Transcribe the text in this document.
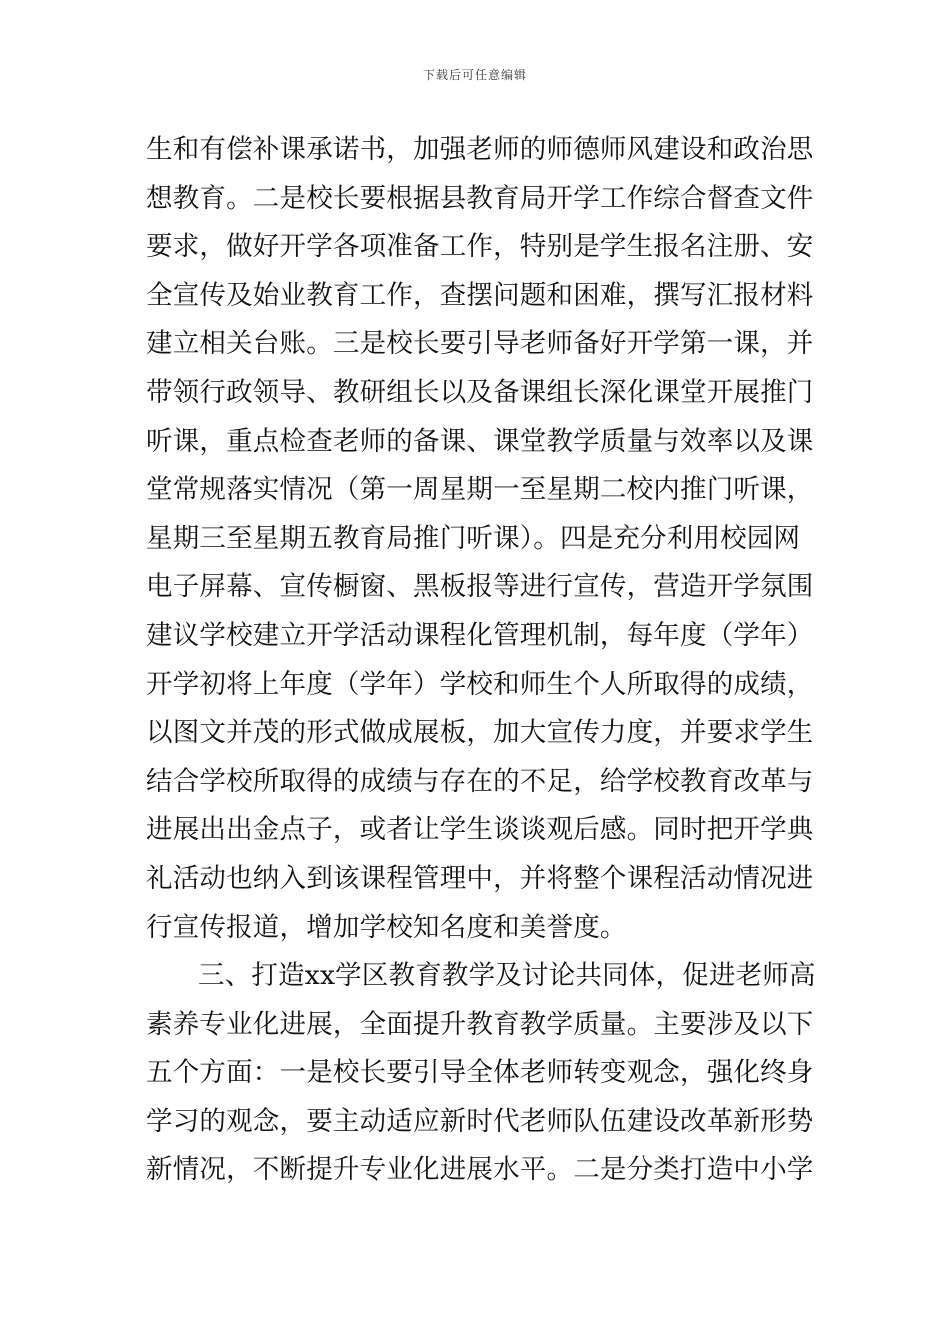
下载后可任意编辑
生和有偿补课承诺书，加强老师的师德师风建设和政治思
想教育。二是校长要根据县教育局开学工作综合督查文件
要求，做好开学各项准备工作，特别是学生报名注册、安
全宣传及始业教育工作，查摆问题和困难，撰写汇报材料
建立相关台账。三是校长要引导老师备好开学第一课，并
带领行政领导、教研组长以及备课组长深化课堂开展推门
听课，重点检查老师的备课、课堂教学质量与效率以及课
堂常规落实情况（第一周星期一至星期二校内推门听课，
星期三至星期五教育局推门听课）。四是充分利用校园网
电子屏幕、宣传橱窗、黑板报等进行宣传，营造开学氛围
建议学校建立开学活动课程化管理机制，每年度（学年）
开学初将上年度（学年）学校和师生个人所取得的成绩，
以图文并茂的形式做成展板，加大宣传力度，并要求学生
结合学校所取得的成绩与存在的不足，给学校教育改革与
进展出出金点子，或者让学生谈谈观后感。同时把开学典
礼活动也纳入到该课程管理中，并将整个课程活动情况进
行宣传报道，增加学校知名度和美誉度。
三、打造xx学区教育教学及讨论共同体，促进老师高
素养专业化进展，全面提升教育教学质量。主要涉及以下
五个方面：一是校长要引导全体老师转变观念，强化终身
学习的观念，要主动适应新时代老师队伍建设改革新形势
新情况，不断提升专业化进展水平。二是分类打造中小学
